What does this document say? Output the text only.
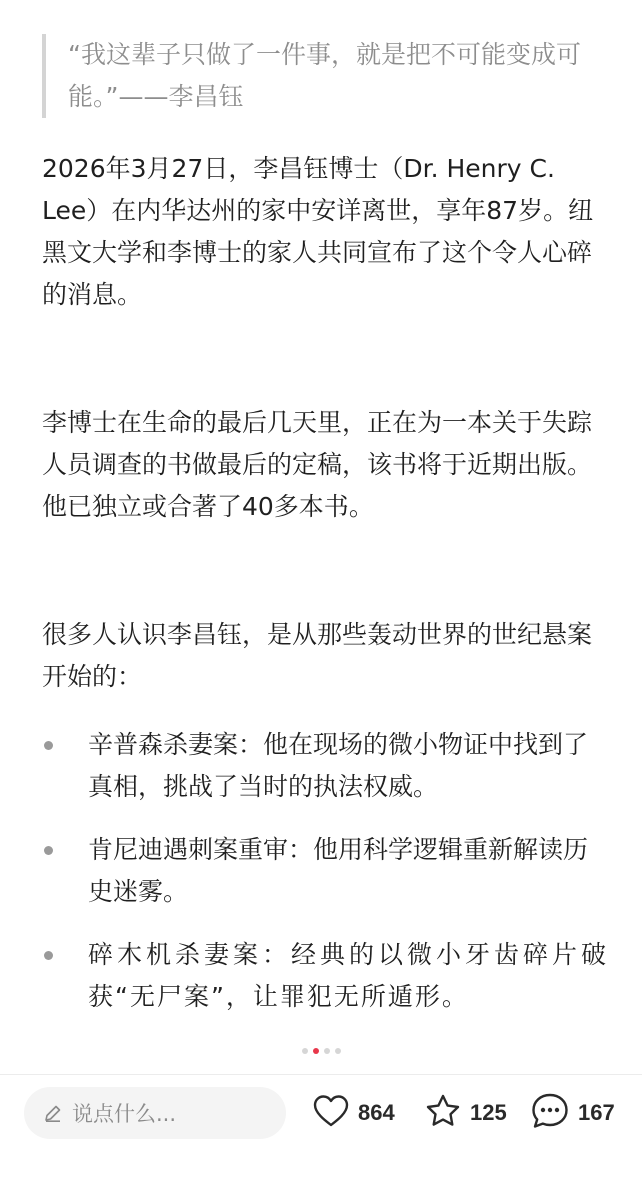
“我这辈子只做了一件事，就是把不可能变成可能。”——李昌钰
2026年3月27日，李昌钰博士（Dr. Henry C. Lee）在内华达州的家中安详离世，享年87岁。纽黑文大学和李博士的家人共同宣布了这个令人心碎的消息。
李博士在生命的最后几天里，正在为一本关于失踪人员调查的书做最后的定稿，该书将于近期出版。他已独立或合著了40多本书。
很多人认识李昌钰，是从那些轰动世界的世纪悬案开始的：
辛普森杀妻案：他在现场的微小物证中找到了真相，挑战了当时的执法权威。
肯尼迪遇刺案重审：他用科学逻辑重新解读历史迷雾。
碎木机杀妻案：经典的以微小牙齿碎片破获“无尸案”，让罪犯无所遁形。
说点什么...	864	125	167
